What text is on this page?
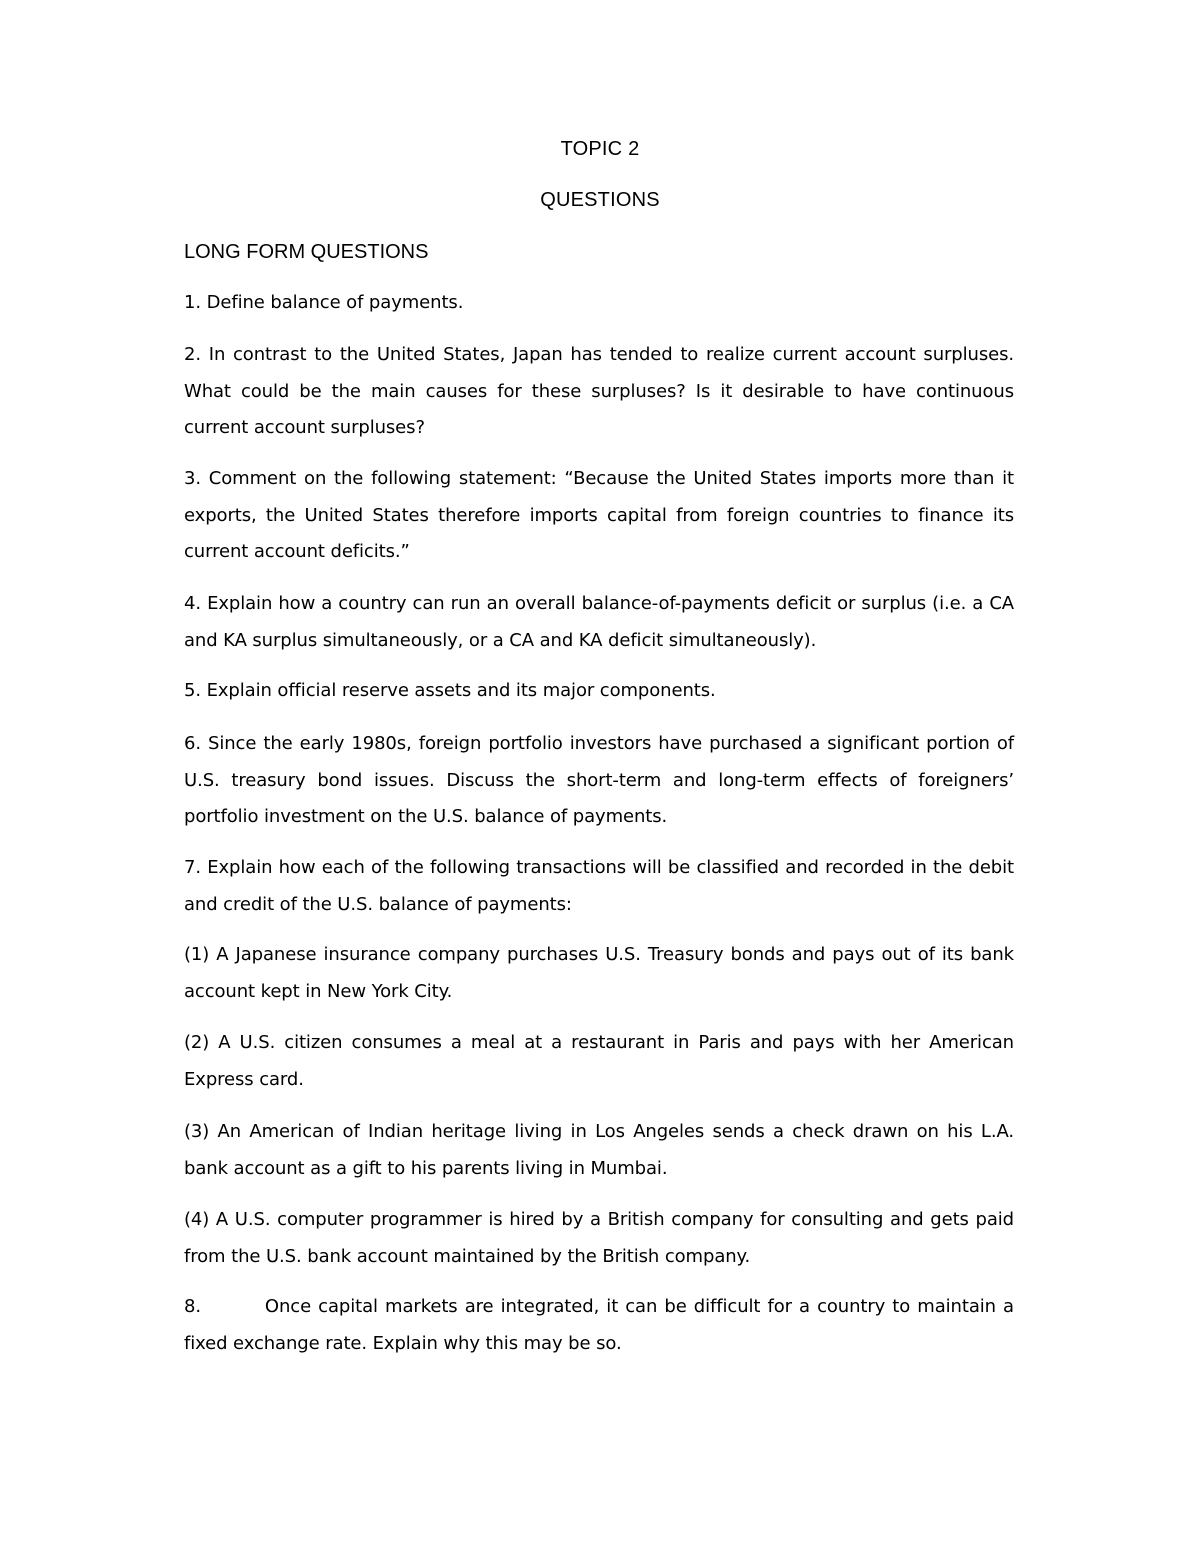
TOPIC 2
QUESTIONS
LONG FORM QUESTIONS
1. Define balance of payments.
2. In contrast to the United States, Japan has tended to realize current account surpluses. What could be the main causes for these surpluses? Is it desirable to have continuous current account surpluses?
3. Comment on the following statement: “Because the United States imports more than it exports, the United States therefore imports capital from foreign countries to finance its current account deficits.”
4. Explain how a country can run an overall balance-of-payments deficit or surplus (i.e. a CA and KA surplus simultaneously, or a CA and KA deficit simultaneously).
5. Explain official reserve assets and its major components.
6. Since the early 1980s, foreign portfolio investors have purchased a significant portion of U.S. treasury bond issues. Discuss the short-term and long-term effects of foreigners’ portfolio investment on the U.S. balance of payments.
7. Explain how each of the following transactions will be classified and recorded in the debit and credit of the U.S. balance of payments:
(1) A Japanese insurance company purchases U.S. Treasury bonds and pays out of its bank account kept in New York City.
(2) A U.S. citizen consumes a meal at a restaurant in Paris and pays with her American Express card.
(3) An American of Indian heritage living in Los Angeles sends a check drawn on his L.A. bank account as a gift to his parents living in Mumbai.
(4) A U.S. computer programmer is hired by a British company for consulting and gets paid from the U.S. bank account maintained by the British company.
8.         Once capital markets are integrated, it can be difficult for a country to maintain a fixed exchange rate. Explain why this may be so.
